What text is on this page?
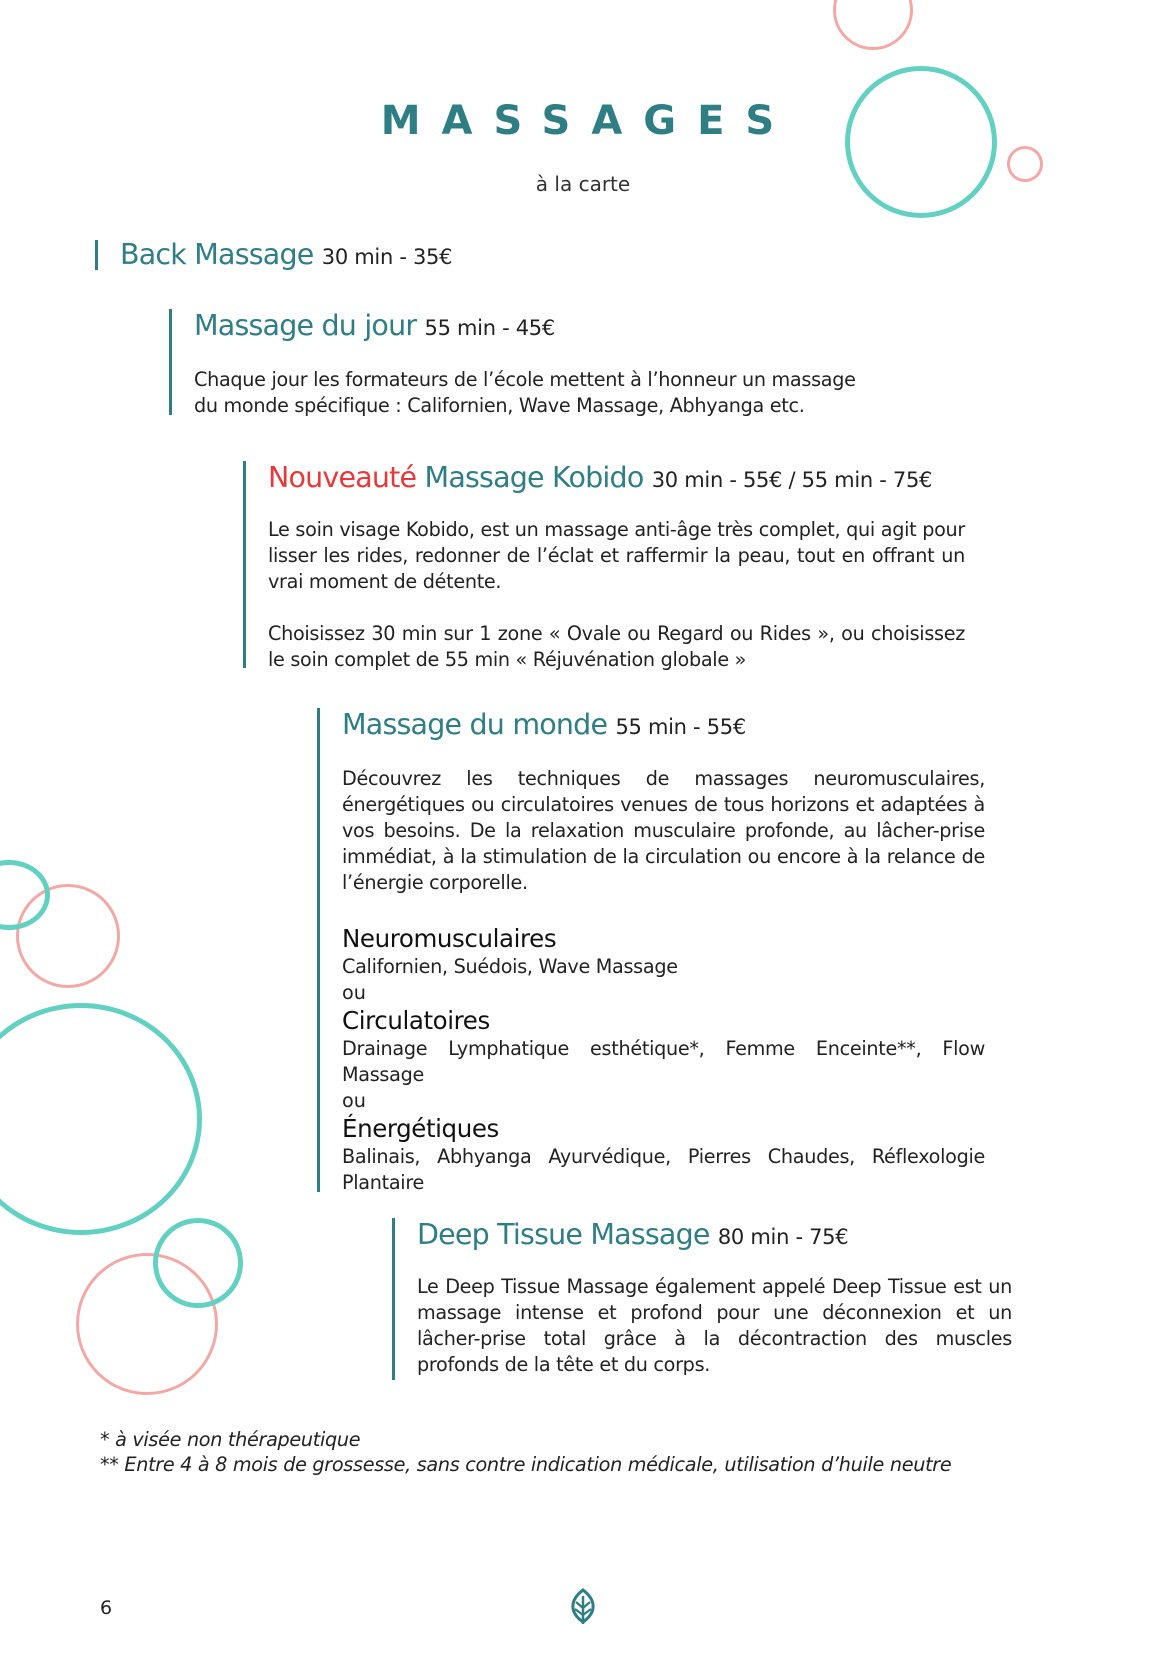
MASSAGES
à la carte
Back Massage 30 min - 35€
Massage du jour 55 min - 45€

Chaque jour les formateurs de l’école mettent à l’honneur un massage du monde spécifique : Californien, Wave Massage, Abhyanga etc.

Nouveauté Massage Kobido 30 min - 55€ / 55 min - 75€

Le soin visage Kobido, est un massage anti-âge très complet, qui agit pour lisser les rides, redonner de l’éclat et raffermir la peau, tout en offrant un vrai moment de détente.

Choisissez 30 min sur 1 zone « Ovale ou Regard ou Rides », ou choisissez le soin complet de 55 min « Réjuvénation globale »

Massage du monde 55 min - 55€

Découvrez les techniques de massages neuromusculaires, énergétiques ou circulatoires venues de tous horizons et adaptées à vos besoins. De la relaxation musculaire profonde, au lâcher-prise immédiat, à la stimulation de la circulation ou encore à la relance de l’énergie corporelle.

Neuromusculaires

Californien, Suédois, Wave Massage

ou

Circulatoires

Drainage Lymphatique esthétique*, Femme Enceinte**, Flow Massage

ou

Énergétiques

Balinais, Abhyanga Ayurvédique, Pierres Chaudes, Réflexologie Plantaire

Deep Tissue Massage 80 min - 75€

Le Deep Tissue Massage également appelé Deep Tissue est un massage intense et profond pour une déconnexion et un lâcher-prise total grâce à la décontraction des muscles profonds de la tête et du corps.

* à visée non thérapeutique
** Entre 4 à 8 mois de grossesse, sans contre indication médicale, utilisation d’huile neutre
6
